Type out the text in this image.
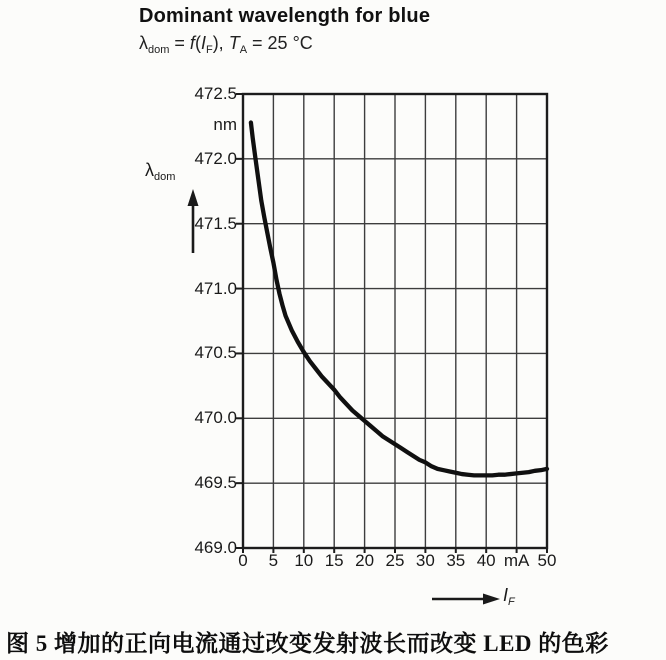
Dominant wavelength for blue
$\lambda_{dom} = f(I_F)$, $T_A = 25$ °C
nm
$\lambda_{dom}$
472.5
472.0
471.5
471.0
470.5
470.0
469.5
469.0
0	5 10 15 20 25 30 35 40 mA 50
$I_F$
图 5 增加的正向电流通过改变发射波长而改变 LED 的色彩
